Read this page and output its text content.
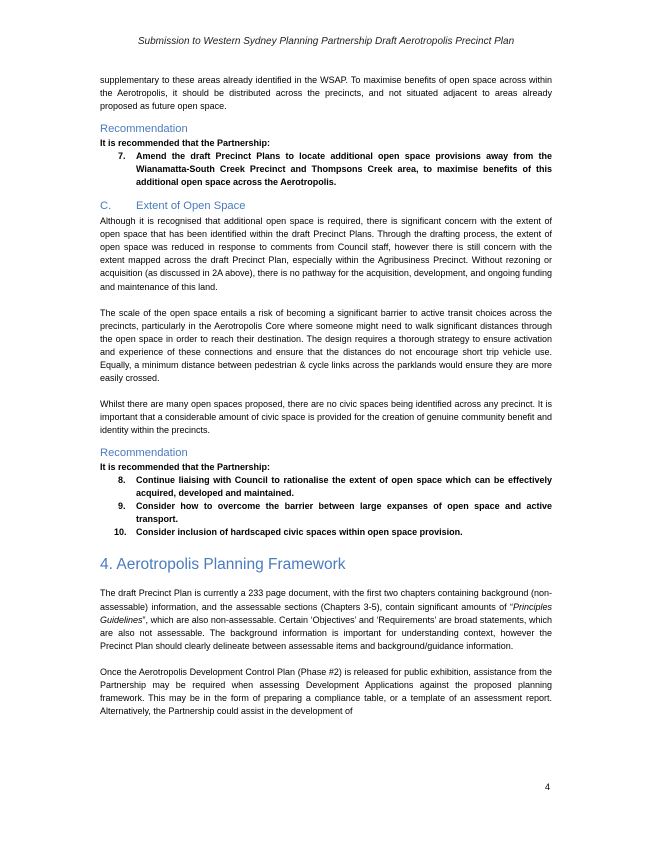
Submission to Western Sydney Planning Partnership Draft Aerotropolis Precinct Plan

supplementary to these areas already identified in the WSAP. To maximise benefits of open space across within the Aerotropolis, it should be distributed across the precincts, and not situated adjacent to areas already proposed as future open space.

Recommendation

It is recommended that the Partnership:

7. Amend the draft Precinct Plans to locate additional open space provisions away from the Wianamatta-South Creek Precinct and Thompsons Creek area, to maximise benefits of this additional open space across the Aerotropolis.
C. Extent of Open Space

Although it is recognised that additional open space is required, there is significant concern with the extent of open space that has been identified within the draft Precinct Plans. Through the drafting process, the extent of open space was reduced in response to comments from Council staff, however there is still concern with the extent mapped across the draft Precinct Plan, especially within the Agribusiness Precinct. Without rezoning or acquisition (as discussed in 2A above), there is no pathway for the acquisition, development, and ongoing funding and maintenance of this land.

The scale of the open space entails a risk of becoming a significant barrier to active transit choices across the precincts, particularly in the Aerotropolis Core where someone might need to walk significant distances through the open space in order to reach their destination. The design requires a thorough strategy to ensure activation and experience of these connections and ensure that the distances do not encourage short trip vehicle use. Equally, a minimum distance between pedestrian & cycle links across the parklands would ensure they are more easily crossed.

Whilst there are many open spaces proposed, there are no civic spaces being identified across any precinct. It is important that a considerable amount of civic space is provided for the creation of genuine community benefit and identity within the precincts.

Recommendation

It is recommended that the Partnership:

8. Continue liaising with Council to rationalise the extent of open space which can be effectively acquired, developed and maintained.
9. Consider how to overcome the barrier between large expanses of open space and active transport.
10. Consider inclusion of hardscaped civic spaces within open space provision.
4. Aerotropolis Planning Framework

The draft Precinct Plan is currently a 233 page document, with the first two chapters containing background (non-assessable) information, and the assessable sections (Chapters 3-5), contain significant amounts of “Principles Guidelines”, which are also non-assessable. Certain ‘Objectives’ and ‘Requirements’ are broad statements, which are also not assessable. The background information is important for understanding context, however the Precinct Plan should clearly delineate between assessable items and background/guidance information.

Once the Aerotropolis Development Control Plan (Phase #2) is released for public exhibition, assistance from the Partnership may be required when assessing Development Applications against the proposed planning framework. This may be in the form of preparing a compliance table, or a template of an assessment report. Alternatively, the Partnership could assist in the development of

4
